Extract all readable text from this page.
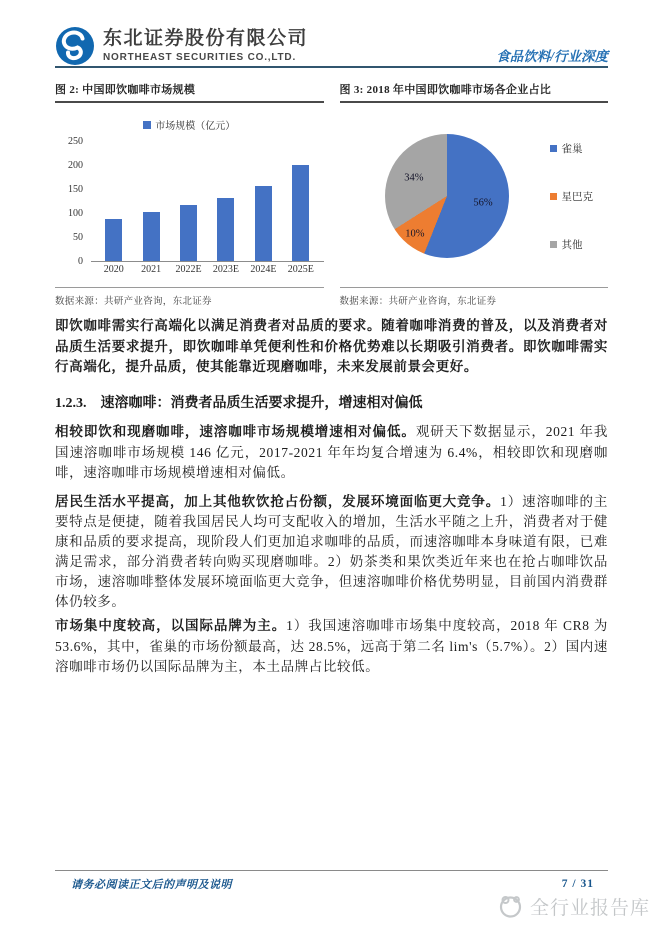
东北证券股份有限公司
NORTHEAST SECURITIES CO.,LTD.	食品饮料/行业深度
图 2: 中国即饮咖啡市场规模
市场规模（亿元）
0
50
100
150
200
250
2020	2021	2022E	2023E	2024E	2025E
数据来源：共研产业咨询，东北证券
图 3: 2018 年中国即饮咖啡市场各企业占比
56%
10%
34%
雀巢
星巴克
其他
数据来源：共研产业咨询，东北证券

即饮咖啡需实行高端化以满足消费者对品质的要求。随着咖啡消费的普及，以及消费者对品质生活要求提升，即饮咖啡单凭便利性和价格优势难以长期吸引消费者。即饮咖啡需实行高端化，提升品质，使其能靠近现磨咖啡，未来发展前景会更好。

1.2.3. 速溶咖啡：消费者品质生活要求提升，增速相对偏低

相较即饮和现磨咖啡，速溶咖啡市场规模增速相对偏低。观研天下数据显示，2021 年我国速溶咖啡市场规模 146 亿元，2017-2021 年年均复合增速为 6.4%，相较即饮和现磨咖啡，速溶咖啡市场规模增速相对偏低。

居民生活水平提高，加上其他软饮抢占份额，发展环境面临更大竞争。1）速溶咖啡的主要特点是便捷，随着我国居民人均可支配收入的增加，生活水平随之上升，消费者对于健康和品质的要求提高，现阶段人们更加追求咖啡的品质，而速溶咖啡本身味道有限，已难满足需求，部分消费者转向购买现磨咖啡。2）奶茶类和果饮类近年来也在抢占咖啡饮品市场，速溶咖啡整体发展环境面临更大竞争，但速溶咖啡价格优势明显，目前国内消费群体仍较多。

市场集中度较高，以国际品牌为主。1）我国速溶咖啡市场集中度较高，2018 年 CR8 为 53.6%，其中，雀巢的市场份额最高，达 28.5%，远高于第二名 lim's（5.7%）。2）国内速溶咖啡市场仍以国际品牌为主，本土品牌占比较低。

请务必阅读正文后的声明及说明	7 / 31
全行业报告库
